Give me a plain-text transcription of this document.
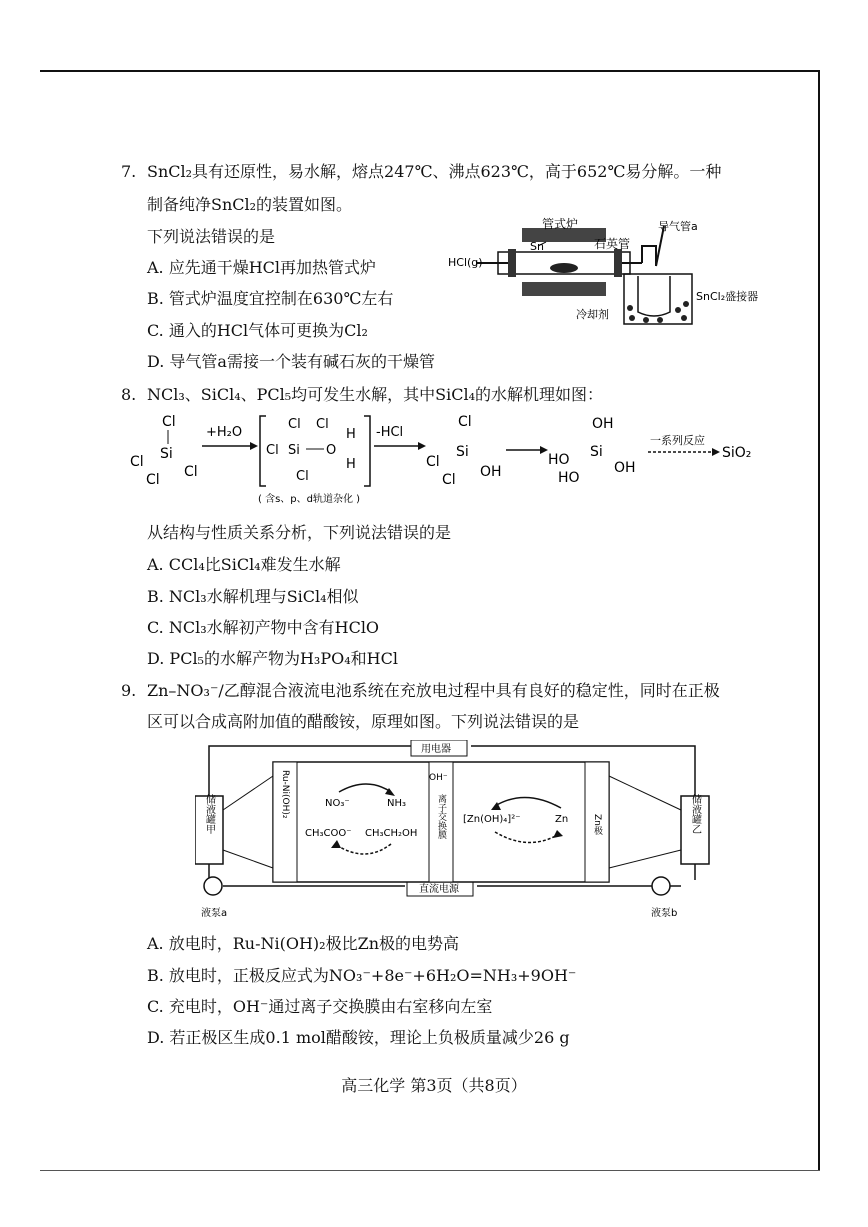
7. SnCl₂具有还原性，易水解，熔点247℃、沸点623℃，高于652℃易分解。一种
制备纯净SnCl₂的装置如图。
下列说法错误的是
A. 应先通干燥HCl再加热管式炉
B. 管式炉温度宜控制在630℃左右
C. 通入的HCl气体可更换为Cl₂
D. 导气管a需接一个装有碱石灰的干燥管
管式炉
Sn	石英管
导气管a
HCl(g)
SnCl₂盛接器
冷却剂
8. NCl₃、SiCl₄、PCl₅均可发生水解，其中SiCl₄的水解机理如图：
Cl
Si
Cl
Cl
Cl
+H₂O
Cl Cl
Cl Si O
H
H
Cl
( 含s、p、d轨道杂化 )
-HCl
Cl
Si
Cl
OH
Cl
OH
Si
HO	OH
HO
一系列反应
SiO₂
从结构与性质关系分析，下列说法错误的是
A. CCl₄比SiCl₄难发生水解
B. NCl₃水解机理与SiCl₄相似
C. NCl₃水解初产物中含有HClO
D. PCl₅的水解产物为H₃PO₄和HCl
9. Zn–NO₃⁻/乙醇混合液流电池系统在充放电过程中具有良好的稳定性，同时在正极
区可以合成高附加值的醋酸铵，原理如图。下列说法错误的是
用电器
直流电源
储液罐甲	储液罐乙
液泵a	液泵b
Ru-Ni(OH)₂
Zn极
离子交换膜
OH⁻
NO₃⁻	NH₃
CH₃COO⁻ CH₃CH₂OH
[Zn(OH)₄]²⁻	Zn
A. 放电时，Ru-Ni(OH)₂极比Zn极的电势高
B. 放电时，正极反应式为NO₃⁻+8e⁻+6H₂O=NH₃+9OH⁻
C. 充电时，OH⁻通过离子交换膜由右室移向左室
D. 若正极区生成0.1 mol醋酸铵，理论上负极质量减少26 g
高三化学 第3页（共8页）
